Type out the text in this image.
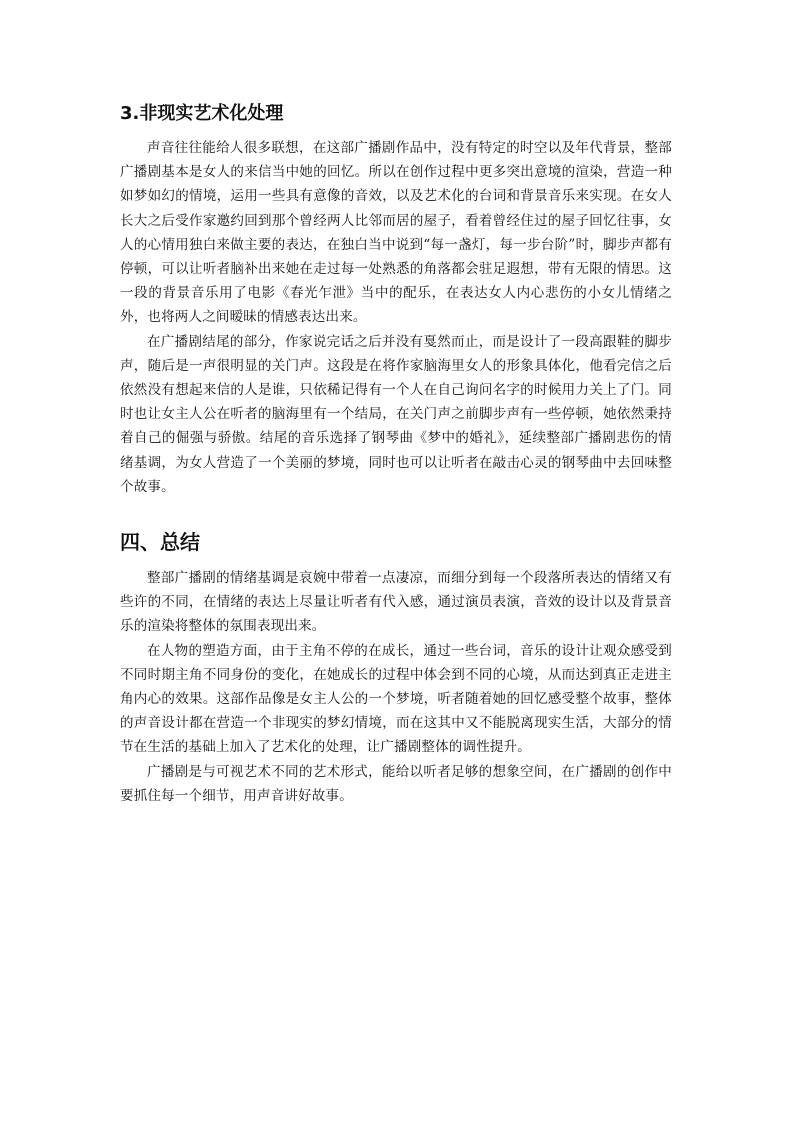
3.非现实艺术化处理

声音往往能给人很多联想，在这部广播剧作品中，没有特定的时空以及年代背景，整部广播剧基本是女人的来信当中她的回忆。所以在创作过程中更多突出意境的渲染，营造一种如梦如幻的情境，运用一些具有意像的音效，以及艺术化的台词和背景音乐来实现。在女人长大之后受作家邀约回到那个曾经两人比邻而居的屋子，看着曾经住过的屋子回忆往事，女人的心情用独白来做主要的表达，在独白当中说到“每一盏灯，每一步台阶”时，脚步声都有停顿，可以让听者脑补出来她在走过每一处熟悉的角落都会驻足遐想，带有无限的情思。这一段的背景音乐用了电影《春光乍泄》当中的配乐，在表达女人内心悲伤的小女儿情绪之外，也将两人之间暧昧的情感表达出来。

在广播剧结尾的部分，作家说完话之后并没有戛然而止，而是设计了一段高跟鞋的脚步声，随后是一声很明显的关门声。这段是在将作家脑海里女人的形象具体化，他看完信之后依然没有想起来信的人是谁，只依稀记得有一个人在自己询问名字的时候用力关上了门。同时也让女主人公在听者的脑海里有一个结局，在关门声之前脚步声有一些停顿，她依然秉持着自己的倔强与骄傲。结尾的音乐选择了钢琴曲《梦中的婚礼》，延续整部广播剧悲伤的情绪基调，为女人营造了一个美丽的梦境，同时也可以让听者在敲击心灵的钢琴曲中去回味整个故事。

四、总结

整部广播剧的情绪基调是哀婉中带着一点凄凉，而细分到每一个段落所表达的情绪又有些许的不同，在情绪的表达上尽量让听者有代入感，通过演员表演，音效的设计以及背景音乐的渲染将整体的氛围表现出来。

在人物的塑造方面，由于主角不停的在成长，通过一些台词，音乐的设计让观众感受到不同时期主角不同身份的变化，在她成长的过程中体会到不同的心境，从而达到真正走进主角内心的效果。这部作品像是女主人公的一个梦境，听者随着她的回忆感受整个故事，整体的声音设计都在营造一个非现实的梦幻情境，而在这其中又不能脱离现实生活，大部分的情节在生活的基础上加入了艺术化的处理，让广播剧整体的调性提升。

广播剧是与可视艺术不同的艺术形式，能给以听者足够的想象空间，在广播剧的创作中要抓住每一个细节，用声音讲好故事。
